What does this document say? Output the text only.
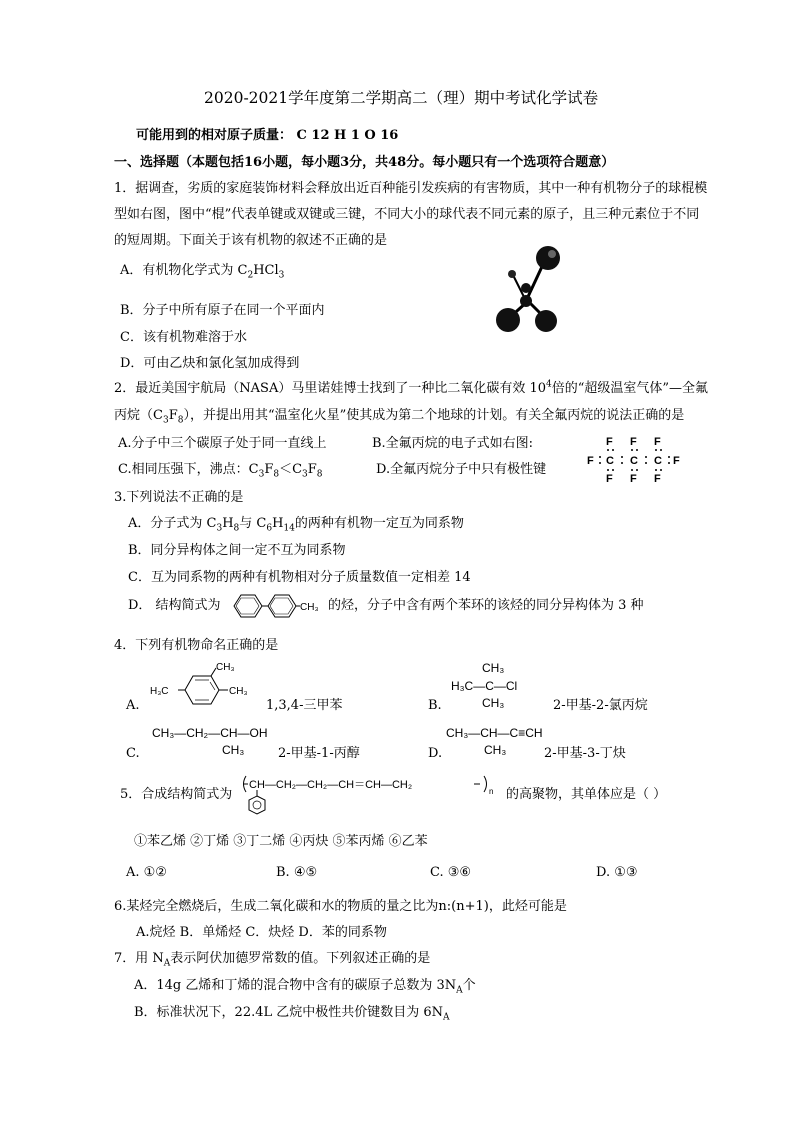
2020-2021学年度第二学期高二（理）期中考试化学试卷
可能用到的相对原子质量： C 12 H 1 O 16
一、选择题（本题包括16小题，每小题3分，共48分。每小题只有一个选项符合题意）
1．据调查，劣质的家庭装饰材料会释放出近百种能引发疾病的有害物质，其中一种有机物分子的球棍模
型如右图，图中“棍”代表单键或双键或三键，不同大小的球代表不同元素的原子，且三种元素位于不同
的短周期。下面关于该有机物的叙述不正确的是
A．有机物化学式为 $C_2HCl_3$
B．分子中所有原子在同一个平面内
C．该有机物难溶于水
D．可由乙炔和氯化氢加成得到
2．最近美国宇航局（NASA）马里诺娃博士找到了一种比二氧化碳有效 $10^4$倍的“超级温室气体”—全氟
丙烷$(C_3F_8)$，并提出用其“温室化火星”使其成为第二个地球的计划。有关全氟丙烷的说法正确的是
A.分子中三个碳原子处于同一直线上	B.全氟丙烷的电子式如右图:
C.相同压强下，沸点：$C_3F_8<C_3F_8$	D.全氟丙烷分子中只有极性键
F F F
F C C C F
F F F
3.下列说法不正确的是
A．分子式为 $C_3H_8$与 $C_6H_{14}$的两种有机物一定互为同系物
B．同分异构体之间一定不互为同系物
C．互为同系物的两种有机物相对分子质量数值一定相差 14
D． 结构简式为	CH₃ 的烃，分子中含有两个苯环的该烃的同分异构体为 3 种
4．下列有机物命名正确的是
A.
CH₃
CH₃
H₃C
1,3,4-三甲苯	B.
CH₃
H₃C—C—Cl
CH₃	2-甲基-2-氯丙烷
C.
CH₃—CH₂—CH—OH
CH₃	2-甲基-1-丙醇	D.
CH₃—CH—C≡CH
CH₃	2-甲基-3-丁炔
5．合成结构简式为
CH—CH₂—CH₂—CH＝CH—CH₂
n 的高聚物，其单体应是（ ）
①苯乙烯 ②丁烯 ③丁二烯 ④丙炔 ⑤苯丙烯 ⑥乙苯
A. ①②	B. ④⑤	C. ③⑥	D. ①③
6.某烃完全燃烧后，生成二氧化碳和水的物质的量之比为n:(n+1)，此烃可能是
A.烷烃 B．单烯烃 C．炔烃 D．苯的同系物
7．用 $N_A$表示阿伏加德罗常数的值。下列叙述正确的是
A．14g 乙烯和丁烯的混合物中含有的碳原子总数为 $3N_A$个
B．标准状况下，22.4L 乙烷中极性共价键数目为 $6N_A$
